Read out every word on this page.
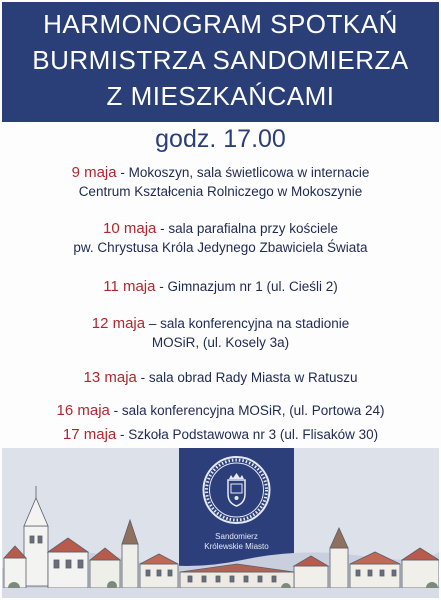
HARMONOGRAM SPOTKAŃ
BURMISTRZA SANDOMIERZA
Z MIESZKAŃCAMI
godz. 17.00
9 maja - Mokoszyn, sala świetlicowa w internacie
Centrum Kształcenia Rolniczego w Mokoszynie
10 maja - sala parafialna przy kościele
pw. Chrystusa Króla Jedynego Zbawiciela Świata
11 maja - Gimnazjum nr 1 (ul. Cieśli 2)
12 maja – sala konferencyjna na stadionie
MOSiR, (ul. Kosely 3a)
13 maja - sala obrad Rady Miasta w Ratuszu
16 maja - sala konferencyjna MOSiR, (ul. Portowa 24)
17 maja - Szkoła Podstawowa nr 3 (ul. Flisaków 30)
Sandomierz
Królewskie Miasto
